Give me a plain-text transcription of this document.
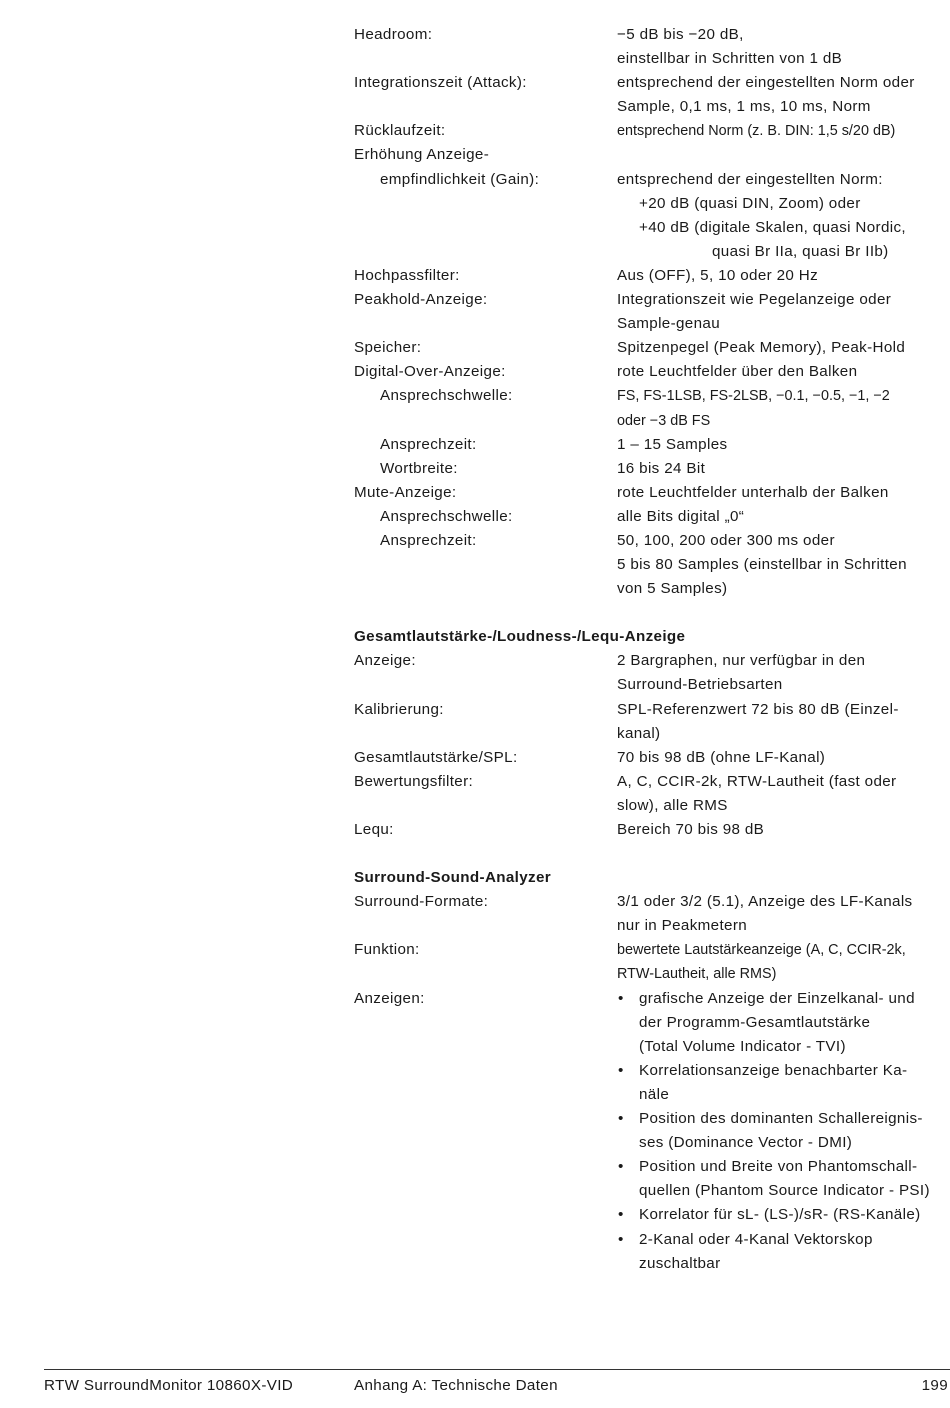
Headroom:	−5 dB bis −20 dB,
einstellbar in Schritten von 1 dB
Integrationszeit (Attack):	entsprechend der eingestellten Norm oder
Sample, 0,1 ms, 1 ms, 10 ms, Norm
Rücklaufzeit:	entsprechend Norm (z. B. DIN: 1,5 s/20 dB)
Erhöhung Anzeige-
empfindlichkeit (Gain):	entsprechend der eingestellten Norm:
+20 dB (quasi DIN, Zoom) oder
+40 dB (digitale Skalen, quasi Nordic,
quasi Br IIa, quasi Br IIb)
Hochpassfilter:	Aus (OFF), 5, 10 oder 20 Hz
Peakhold-Anzeige:	Integrationszeit wie Pegelanzeige oder
Sample-genau
Speicher:	Spitzenpegel (Peak Memory), Peak-Hold
Digital-Over-Anzeige:	rote Leuchtfelder über den Balken
Ansprechschwelle:	FS, FS-1LSB, FS-2LSB, −0.1, −0.5, −1, −2
oder −3 dB FS
Ansprechzeit:	1 – 15 Samples
Wortbreite:	16 bis 24 Bit
Mute-Anzeige:	rote Leuchtfelder unterhalb der Balken
Ansprechschwelle:	alle Bits digital „0“
Ansprechzeit:	50, 100, 200 oder 300 ms oder
5 bis 80 Samples (einstellbar in Schritten
von 5 Samples)
Gesamtlautstärke-/Loudness-/Lequ-Anzeige
Anzeige:	2 Bargraphen, nur verfügbar in den
Surround-Betriebsarten
Kalibrierung:	SPL-Referenzwert 72 bis 80 dB (Einzel-
kanal)
Gesamtlautstärke/SPL:	70 bis 98 dB (ohne LF-Kanal)
Bewertungsfilter:	A, C, CCIR-2k, RTW-Lautheit (fast oder
slow), alle RMS
Lequ:	Bereich 70 bis 98 dB
Surround-Sound-Analyzer
Surround-Formate:	3/1 oder 3/2 (5.1), Anzeige des LF-Kanals
nur in Peakmetern
Funktion:	bewertete Lautstärkeanzeige (A, C, CCIR-2k,
RTW-Lautheit, alle RMS)
Anzeigen:	• grafische Anzeige der Einzelkanal- und
der Programm-Gesamtlautstärke
(Total Volume Indicator - TVI)
• Korrelationsanzeige benachbarter Ka-
näle
• Position des dominanten Schallereignis-
ses (Dominance Vector - DMI)
• Position und Breite von Phantomschall-
quellen (Phantom Source Indicator - PSI)
• Korrelator für sL- (LS-)/sR- (RS-Kanäle)
• 2-Kanal oder 4-Kanal Vektorskop
zuschaltbar
RTW SurroundMonitor 10860X-VID	Anhang A: Technische Daten	199
